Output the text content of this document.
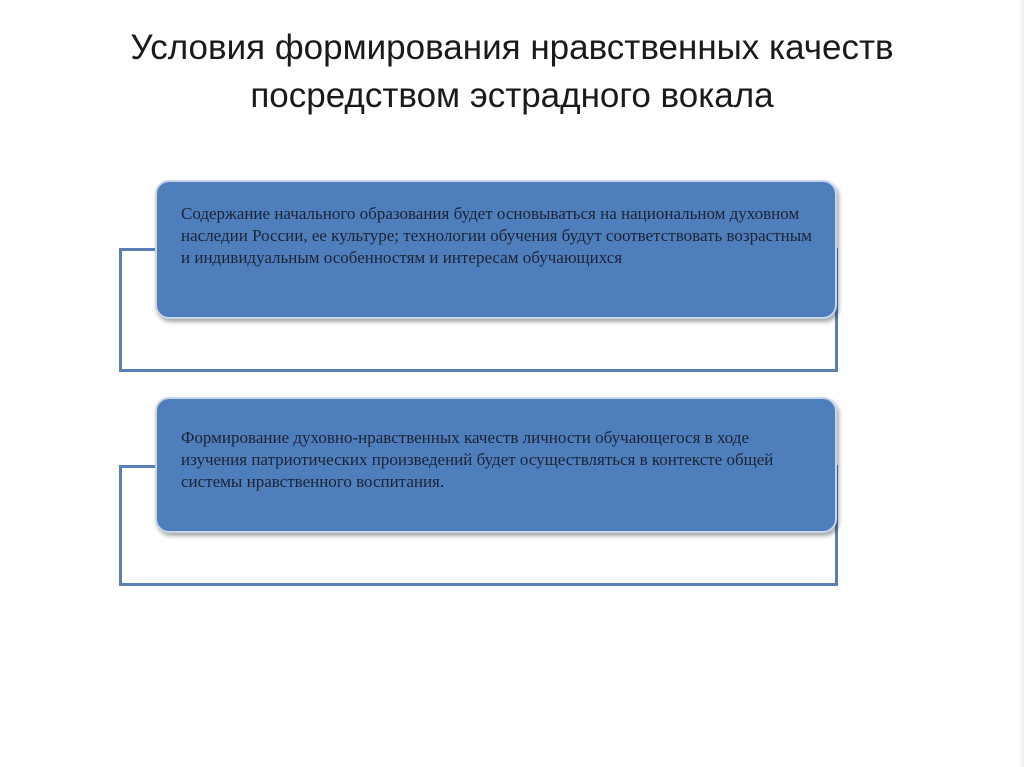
Условия формирования нравственных качеств
посредством эстрадного вокала
Содержание начального образования будет основываться на национальном духовном наследии России, ее культуре; технологии обучения будут соответствовать возрастным и индивидуальным особенностям и интересам обучающихся
Формирование духовно-нравственных качеств личности обучающегося в ходе изучения патриотических произведений будет осуществляться в контексте общей системы нравственного воспитания.
